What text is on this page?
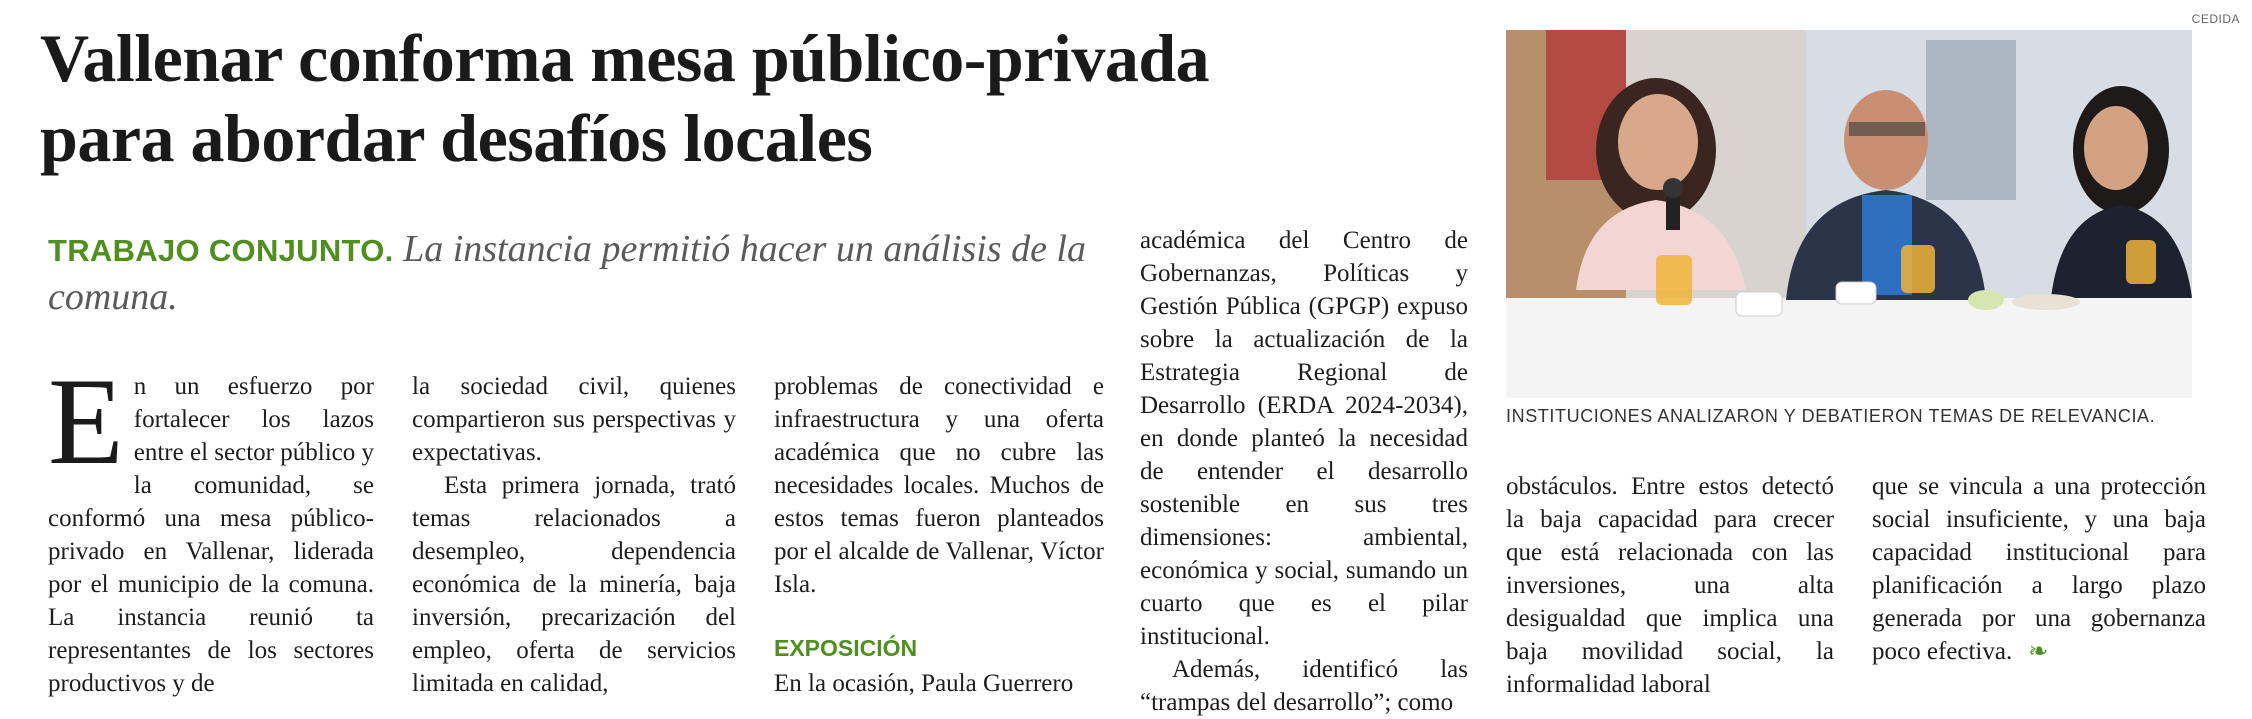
Vallenar conforma mesa público-privada
para abordar desafíos locales

TRABAJO CONJUNTO. La instancia permitió hacer un análisis de la comuna.

En un esfuerzo por fortalecer los lazos entre el sector público y la comunidad, se conformó una mesa público-privado en Vallenar, liderada por el municipio de la comuna. La instancia reunió ta representantes de los sectores productivos y de

la sociedad civil, quienes compartieron sus perspectivas y expectativas.

Esta primera jornada, trató temas relacionados a desempleo, dependencia económica de la minería, baja inversión, precarización del empleo, oferta de servicios limitada en calidad,

problemas de conectividad e infraestructura y una oferta académica que no cubre las necesidades locales. Muchos de estos temas fueron planteados por el alcalde de Vallenar, Víctor Isla.

EXPOSICIÓN

En la ocasión, Paula Guerrero

académica del Centro de Gobernanzas, Políticas y Gestión Pública (GPGP) expuso sobre la actualización de la Estrategia Regional de Desarrollo (ERDA 2024-2034), en donde planteó la necesidad de entender el desarrollo sostenible en sus tres dimensiones: ambiental, económica y social, sumando un cuarto que es el pilar institucional.

Además, identificó las “trampas del desarrollo”; como

obstáculos. Entre estos detectó la baja capacidad para crecer que está relacionada con las inversiones, una alta desigualdad que implica una baja movilidad social, la informalidad laboral

que se vincula a una protección social insuficiente, y una baja capacidad institucional para planificación a largo plazo generada por una gobernanza poco efectiva. ❧

CEDIDA
INSTITUCIONES ANALIZARON Y DEBATIERON TEMAS DE RELEVANCIA.
